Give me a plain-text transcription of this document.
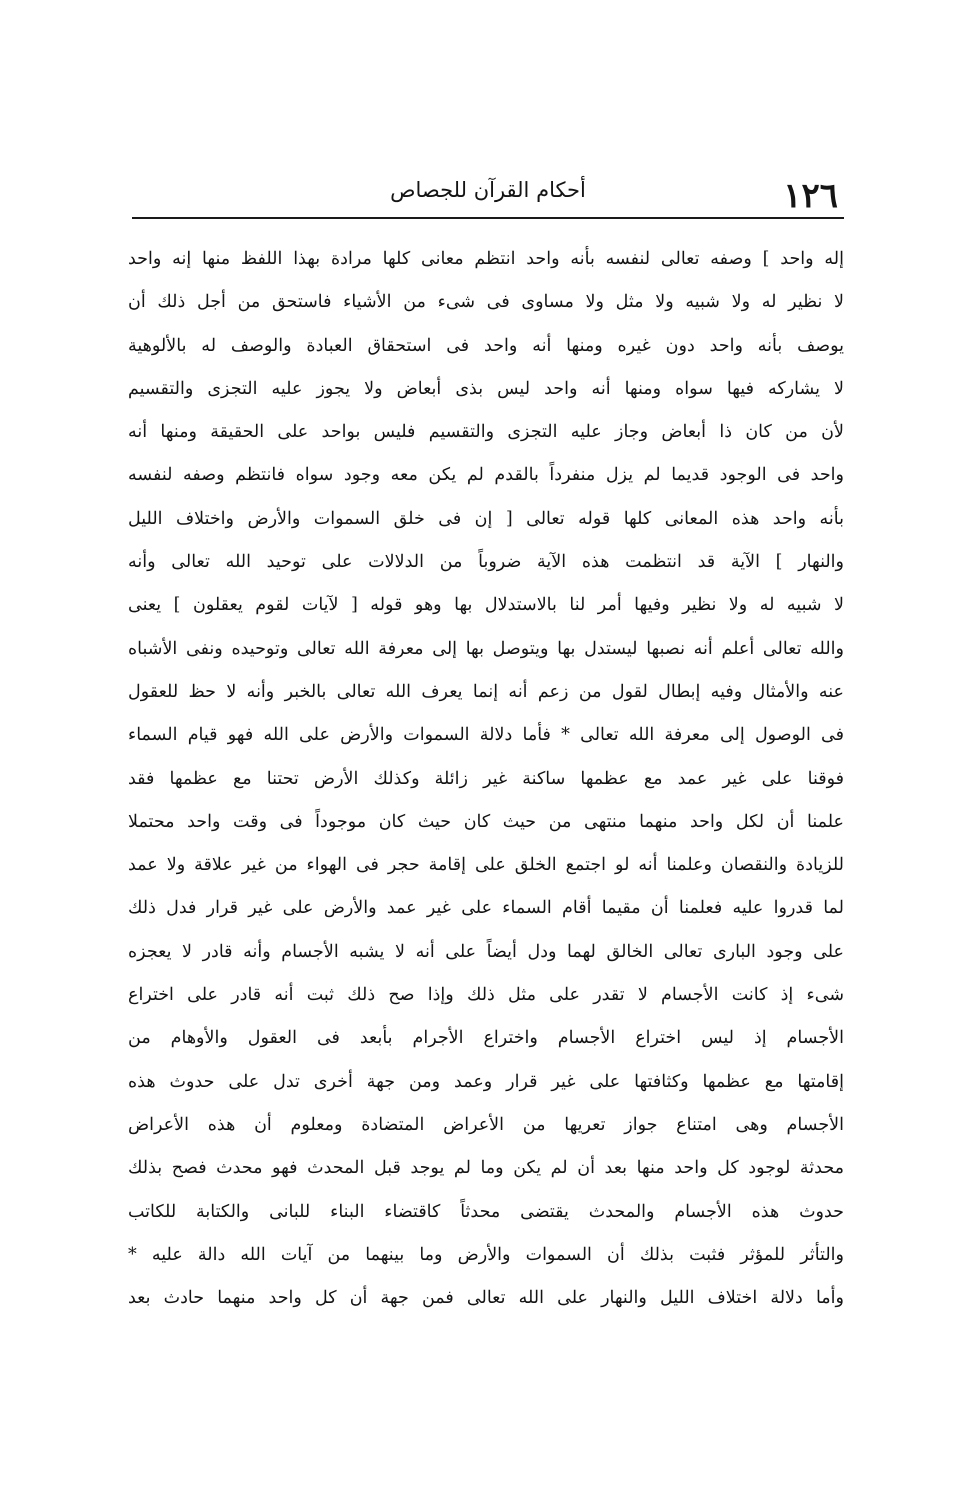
١٢٦
أحكام القرآن للجصاص
إله واحد ] وصفه تعالى لنفسه بأنه واحد انتظم معانى كلها مرادة بهذا اللفظ منها إنه واحد
لا نظير له ولا شبيه ولا مثل ولا مساوى فى شىء من الأشياء فاستحق من أجل ذلك أن
يوصف بأنه واحد دون غيره ومنها أنه واحد فى استحقاق العبادة والوصف له بالألوهية
لا يشاركه فيها سواه ومنها أنه واحد ليس بذى أبعاض ولا يجوز عليه التجزى والتقسيم
لأن من كان ذا أبعاض وجاز عليه التجزى والتقسيم فليس بواحد على الحقيقة ومنها أنه
واحد فى الوجود قديما لم يزل منفرداً بالقدم لم يكن معه وجود سواه فانتظم وصفه لنفسه
بأنه واحد هذه المعانى كلها قوله تعالى [ إن فى خلق السموات والأرض واختلاف الليل
والنهار ] الآية قد انتظمت هذه الآية ضروباً من الدلالات على توحيد الله تعالى وأنه
لا شبيه له ولا نظير وفيها أمر لنا بالاستدلال بها وهو قوله [ لآيات لقوم يعقلون ] يعنى
والله تعالى أعلم أنه نصبها ليستدل بها ويتوصل بها إلى معرفة الله تعالى وتوحيده ونفى الأشباه
عنه والأمثال وفيه إبطال لقول من زعم أنه إنما يعرف الله تعالى بالخبر وأنه لا حظ للعقول
فى الوصول إلى معرفة الله تعالى * فأما دلالة السموات والأرض على الله فهو قيام السماء
فوقنا على غير عمد مع عظمها ساكنة غير زائلة وكذلك الأرض تحتنا مع عظمها فقد
علمنا أن لكل واحد منهما منتهى من حيث كان حيث كان موجوداً فى وقت واحد محتملا
للزيادة والنقصان وعلمنا أنه لو اجتمع الخلق على إقامة حجر فى الهواء من غير علاقة ولا عمد
لما قدروا عليه فعلمنا أن مقيما أقام السماء على غير عمد والأرض على غير قرار فدل ذلك
على وجود البارى تعالى الخالق لهما ودل أيضاً على أنه لا يشبه الأجسام وأنه قادر لا يعجزه
شىء إذ كانت الأجسام لا تقدر على مثل ذلك وإذا صح ذلك ثبت أنه قادر على اختراع
الأجسام إذ ليس اختراع الأجسام واختراع الأجرام بأبعد فى العقول والأوهام من
إقامتها مع عظمها وكثافتها على غير قرار وعمد ومن جهة أخرى تدل على حدوث هذه
الأجسام وهى امتناع جواز تعريها من الأعراض المتضادة ومعلوم أن هذه الأعراض
محدثة لوجود كل واحد منها بعد أن لم يكن وما لم يوجد قبل المحدث فهو محدث فصح بذلك
حدوث هذه الأجسام والمحدث يقتضى محدثاً كاقتضاء البناء للبانى والكتابة للكاتب
والتأثر للمؤثر فثبت بذلك أن السموات والأرض وما بينهما من آيات الله دالة عليه *
وأما دلالة اختلاف الليل والنهار على الله تعالى فمن جهة أن كل واحد منهما حادث بعد
